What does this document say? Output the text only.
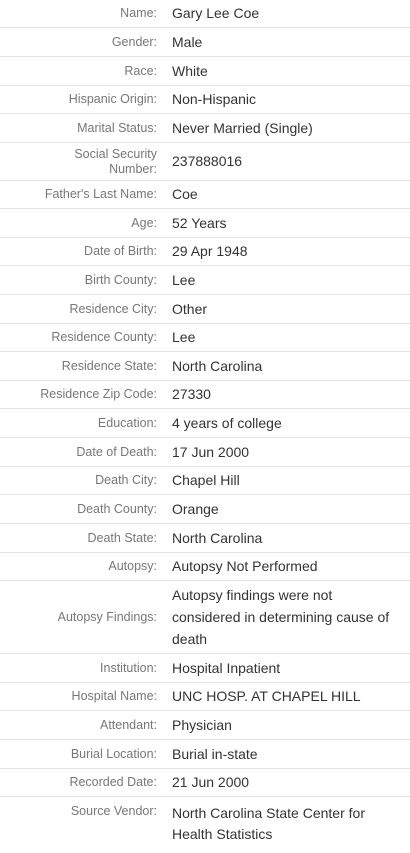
Name:	Gary Lee Coe
Gender:	Male
Race:	White
Hispanic Origin:	Non-Hispanic
Marital Status:	Never Married (Single)
Social Security Number:	237888016
Father's Last Name:	Coe
Age:	52 Years
Date of Birth:	29 Apr 1948
Birth County:	Lee
Residence City:	Other
Residence County:	Lee
Residence State:	North Carolina
Residence Zip Code:	27330
Education:	4 years of college
Date of Death:	17 Jun 2000
Death City:	Chapel Hill
Death County:	Orange
Death State:	North Carolina
Autopsy:	Autopsy Not Performed
Autopsy Findings:
Autopsy findings were not considered in determining cause of death
Institution:	Hospital Inpatient
Hospital Name:	UNC HOSP. AT CHAPEL HILL
Attendant:	Physician
Burial Location:	Burial in-state
Recorded Date:	21 Jun 2000
Source Vendor:	North Carolina State Center for Health Statistics
